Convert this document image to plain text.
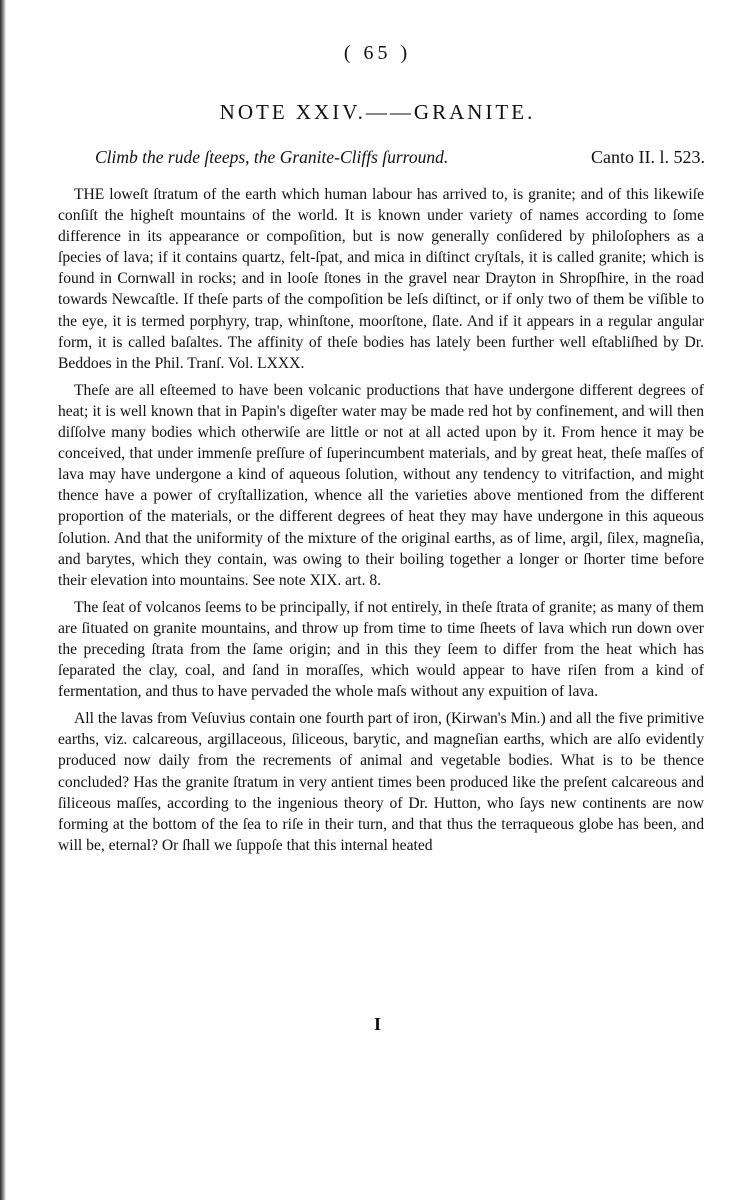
( 65 )
NOTE XXIV.——GRANITE.
Climb the rude ſteeps, the Granite-Cliffs ſurround.	Canto II. l. 523.

THE loweſt ſtratum of the earth which human labour has arrived to, is granite; and of this likewiſe conſiſt the higheſt mountains of the world. It is known under variety of names according to ſome difference in its appearance or compoſition, but is now generally conſidered by philoſophers as a ſpecies of lava; if it contains quartz, felt-ſpat, and mica in diſtinct cryſtals, it is called granite; which is found in Cornwall in rocks; and in looſe ſtones in the gravel near Drayton in Shropſhire, in the road towards Newcaſtle. If theſe parts of the compoſition be leſs diſtinct, or if only two of them be viſible to the eye, it is termed porphyry, trap, whinſtone, moorſtone, ſlate. And if it appears in a regular angular form, it is called baſaltes. The affinity of theſe bodies has lately been further well eſtabliſhed by Dr. Beddoes in the Phil. Tranſ. Vol. LXXX.

Theſe are all eſteemed to have been volcanic productions that have undergone different degrees of heat; it is well known that in Papin's digeſter water may be made red hot by confinement, and will then diſſolve many bodies which otherwiſe are little or not at all acted upon by it. From hence it may be conceived, that under immenſe preſſure of ſuperincumbent materials, and by great heat, theſe maſſes of lava may have undergone a kind of aqueous ſolution, without any tendency to vitrifaction, and might thence have a power of cryſtallization, whence all the varieties above mentioned from the different proportion of the materials, or the different degrees of heat they may have undergone in this aqueous ſolution. And that the uniformity of the mixture of the original earths, as of lime, argil, ſilex, magneſia, and barytes, which they contain, was owing to their boiling together a longer or ſhorter time before their elevation into mountains. See note XIX. art. 8.

The ſeat of volcanos ſeems to be principally, if not entirely, in theſe ſtrata of granite; as many of them are ſituated on granite mountains, and throw up from time to time ſheets of lava which run down over the preceding ſtrata from the ſame origin; and in this they ſeem to differ from the heat which has ſeparated the clay, coal, and ſand in moraſſes, which would appear to have riſen from a kind of fermentation, and thus to have pervaded the whole maſs without any expuition of lava.

All the lavas from Veſuvius contain one fourth part of iron, (Kirwan's Min.) and all the five primitive earths, viz. calcareous, argillaceous, ſiliceous, barytic, and magneſian earths, which are alſo evidently produced now daily from the recrements of animal and vegetable bodies. What is to be thence concluded? Has the granite ſtratum in very antient times been produced like the preſent calcareous and ſiliceous maſſes, according to the ingenious theory of Dr. Hutton, who ſays new continents are now forming at the bottom of the ſea to riſe in their turn, and that thus the terraqueous globe has been, and will be, eternal? Or ſhall we ſuppoſe that this internal heated

I
